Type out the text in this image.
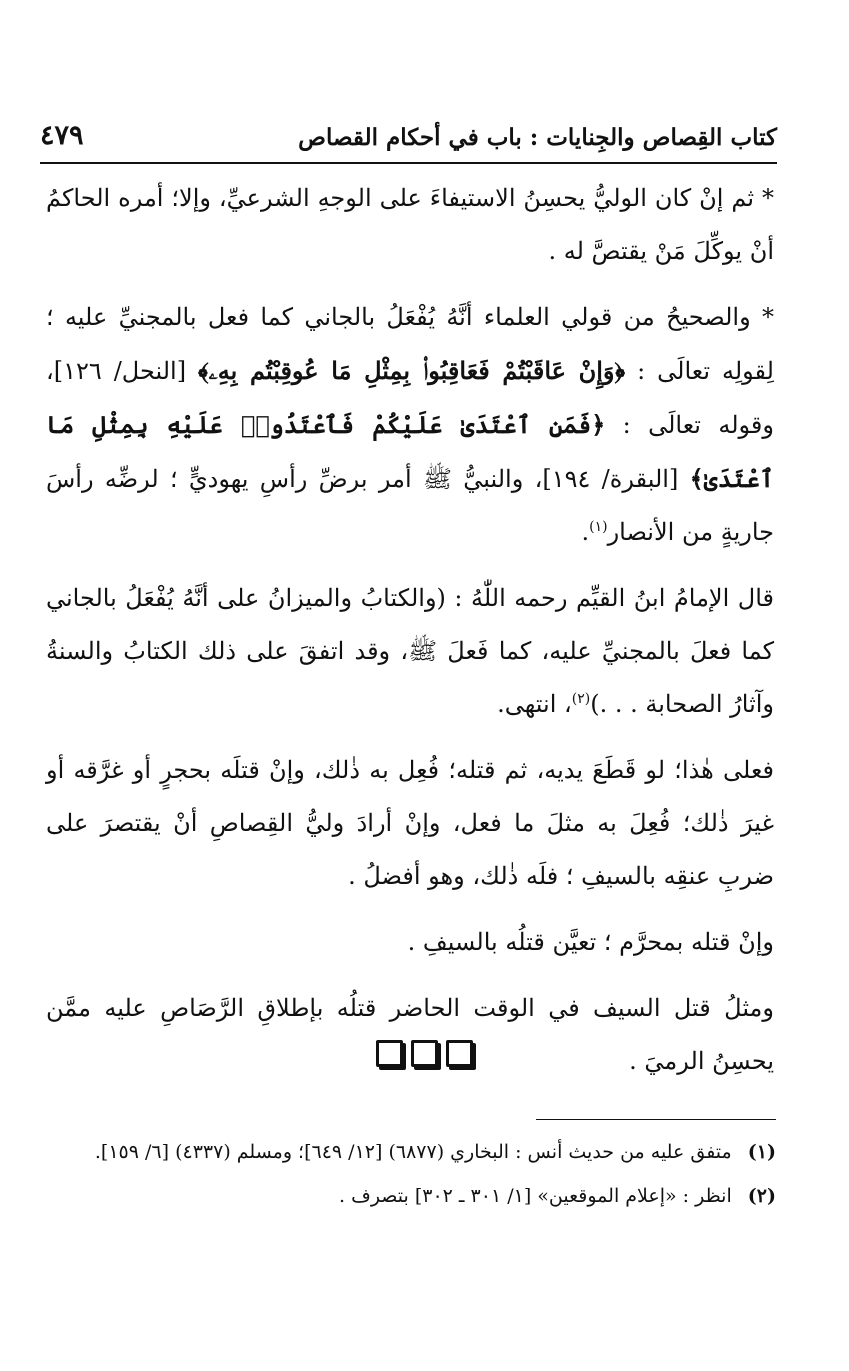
كتاب القِصاص والجِنايات : باب في أحكام القصاص
٤٧٩

* ثم إنْ كان الوليُّ يحسِنُ الاستيفاءَ على الوجهِ الشرعيِّ، وإلا؛ أمره الحاكمُ أنْ يوكِّلَ مَنْ يقتصَّ له .

* والصحيحُ من قولي العلماء أنَّهُ يُفْعَلُ بالجاني كما فعل بالمجنيِّ عليه ؛ لِقولِه تعالَى : ﴿وَإِنْ عَاقَبْتُمْ فَعَاقِبُوا۟ بِمِثْلِ مَا عُوقِبْتُم بِهِۦ﴾ [النحل/ ١٢٦]، وقوله تعالَى : ﴿فَمَنِ ٱعْتَدَىٰ عَلَيْكُمْ فَٱعْتَدُوا۟ عَلَيْهِ بِمِثْلِ مَا ٱعْتَدَىٰ﴾ [البقرة/ ١٩٤]، والنبيُّ ﷺ أمر برضِّ رأسِ يهوديٍّ ؛ لرضِّه رأسَ جاريةٍ من الأنصار$^{(١)}$.

قال الإمامُ ابنُ القيِّم رحمه اللّٰهُ : (والكتابُ والميزانُ على أنَّهُ يُفْعَلُ بالجاني كما فعلَ بالمجنيِّ عليه، كما فَعلَ ﷺ، وقد اتفقَ على ذلك الكتابُ والسنةُ وآثارُ الصحابة . . .)$^{(٢)}$، انتهى.

فعلى هٰذا؛ لو قَطَعَ يديه، ثم قتله؛ فُعِل به ذٰلك، وإنْ قتلَه بحجرٍ أو غرَّقه أو غيرَ ذٰلك؛ فُعِلَ به مثلَ ما فعل، وإنْ أرادَ وليُّ القِصاصِ أنْ يقتصرَ على ضربِ عنقِه بالسيفِ ؛ فلَه ذٰلك، وهو أفضلُ .

وإنْ قتله بمحرَّم ؛ تعيَّن قتلُه بالسيفِ .

ومثلُ قتل السيف في الوقت الحاضر قتلُه بإطلاقِ الرَّصَاصِ عليه ممَّن يحسِنُ الرميَ .

(١) متفق عليه من حديث أنس : البخاري (٦٨٧٧) [١٢/ ٦٤٩]؛ ومسلم (٤٣٣٧) [٦/ ١٥٩].

(٢) انظر : «إعلام الموقعين» [١/ ٣٠١ ـ ٣٠٢] بتصرف .
